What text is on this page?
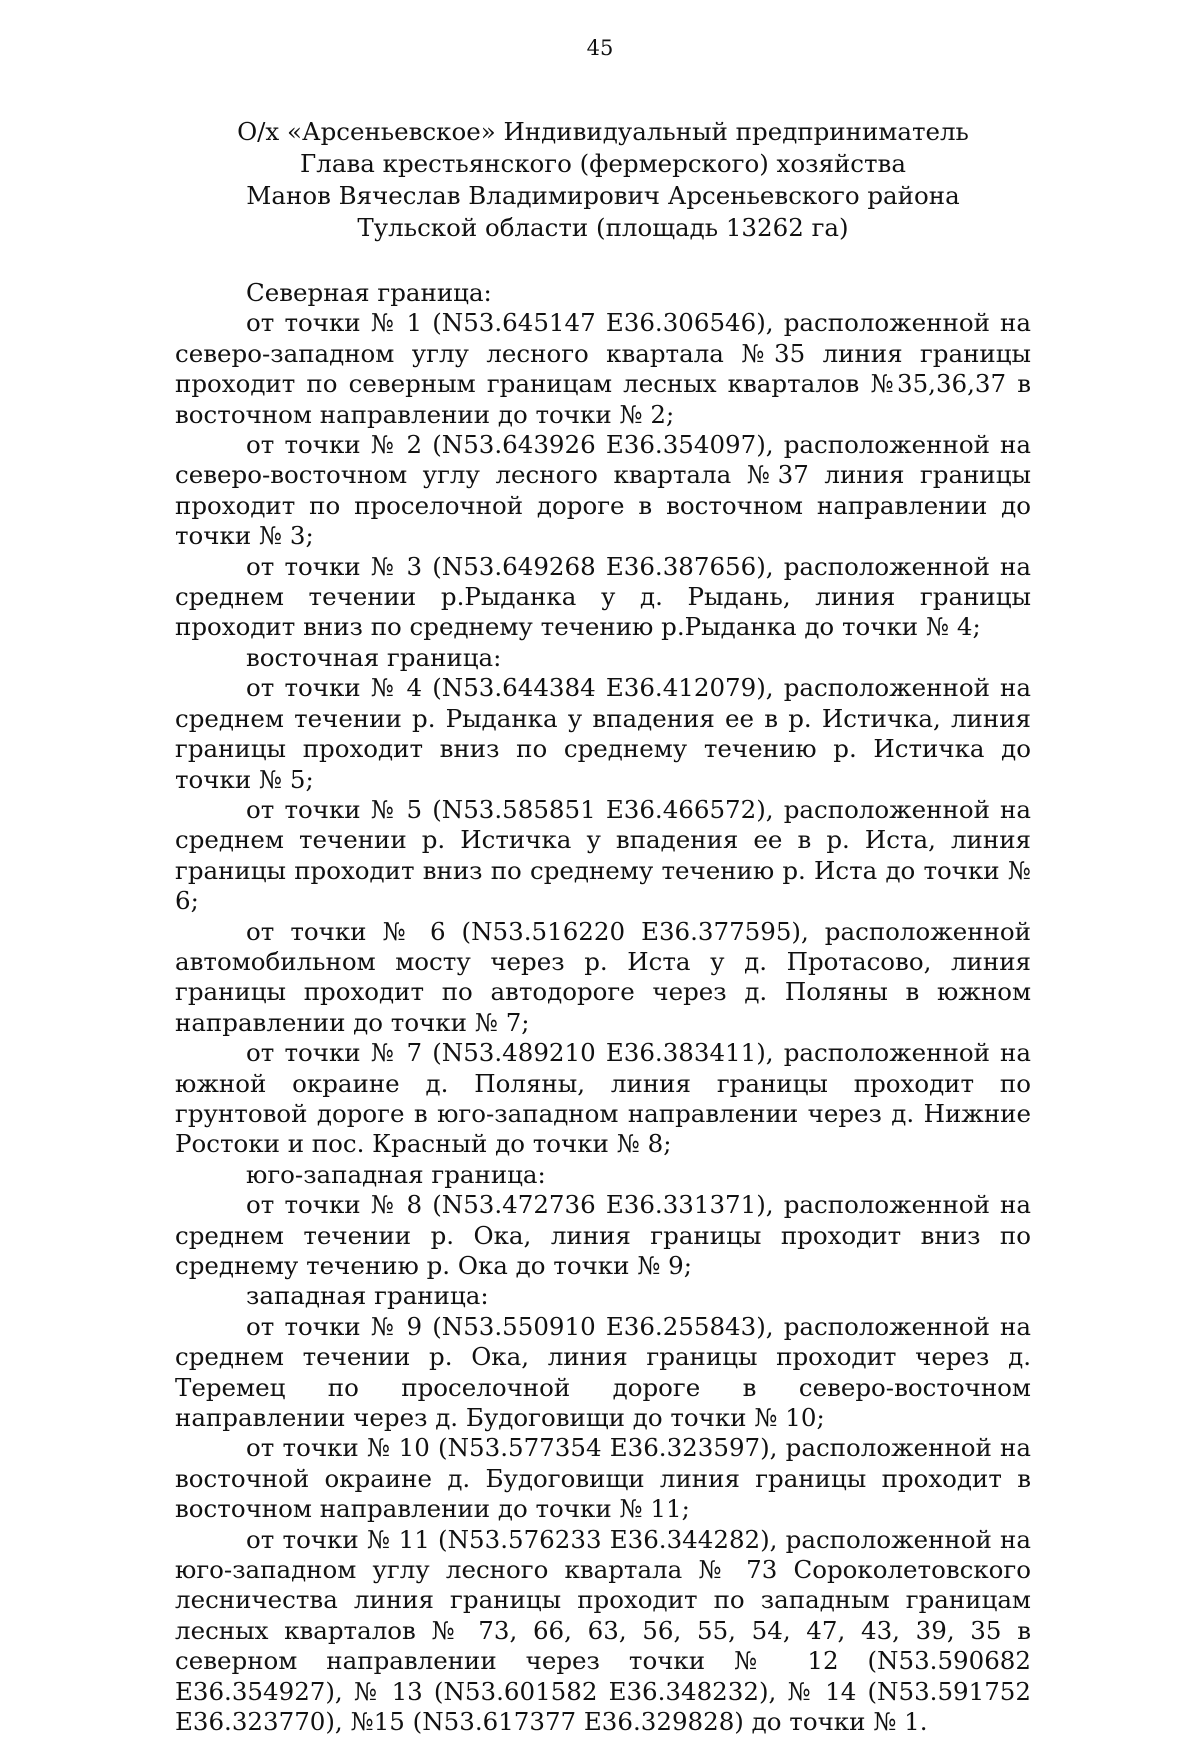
45
О/х «Арсеньевское» Индивидуальный предприниматель
Глава крестьянского (фермерского) хозяйства
Манов Вячеслав Владимирович Арсеньевского района
Тульской области (площадь 13262 га)

Северная граница:

от точки № 1 (N53.645147 E36.306546), расположенной на северо-западном углу лесного квартала №35 линия границы проходит по северным границам лесных кварталов №35,36,37 в восточном направлении до точки № 2;

от точки № 2 (N53.643926 E36.354097), расположенной на северо-восточном углу лесного квартала №37 линия границы проходит по проселочной дороге в восточном направлении до точки № 3;

от точки № 3 (N53.649268 E36.387656), расположенной на среднем течении р.Рыданка у д. Рыдань, линия границы проходит вниз по среднему течению р.Рыданка до точки № 4;

восточная граница:

от точки № 4 (N53.644384 E36.412079), расположенной на среднем течении р. Рыданка у впадения ее в р. Истичка, линия границы проходит вниз по среднему течению р. Истичка до точки № 5;

от точки № 5 (N53.585851 E36.466572), расположенной на среднем течении р. Истичка у впадения ее в р. Иста, линия границы проходит вниз по среднему течению р. Иста до точки № 6;

от точки № 6 (N53.516220 E36.377595), расположенной автомобильном мосту через р. Иста у д. Протасово, линия границы проходит по автодороге через д. Поляны в южном направлении до точки № 7;

от точки № 7 (N53.489210 E36.383411), расположенной на южной окраине д. Поляны, линия границы проходит по грунтовой дороге в юго-западном направлении через д. Нижние Ростоки и пос. Красный до точки № 8;

юго-западная граница:

от точки № 8 (N53.472736 E36.331371), расположенной на среднем течении р. Ока, линия границы проходит вниз по среднему течению р. Ока до точки № 9;

западная граница:

от точки № 9 (N53.550910 E36.255843), расположенной на среднем течении р. Ока, линия границы проходит через д. Теремец по проселочной дороге в северо-восточном направлении через д. Будоговищи до точки № 10;

от точки № 10 (N53.577354 E36.323597), расположенной на восточной окраине д. Будоговищи линия границы проходит в восточном направлении до точки № 11;

от точки № 11 (N53.576233 E36.344282), расположенной на юго-западном углу лесного квартала № 73 Сороколетовского лесничества линия границы проходит по западным границам лесных кварталов № 73, 66, 63, 56, 55, 54, 47, 43, 39, 35 в северном направлении через точки № 12 (N53.590682 E36.354927), № 13 (N53.601582 E36.348232), № 14 (N53.591752 E36.323770), №15 (N53.617377 E36.329828) до точки № 1.
